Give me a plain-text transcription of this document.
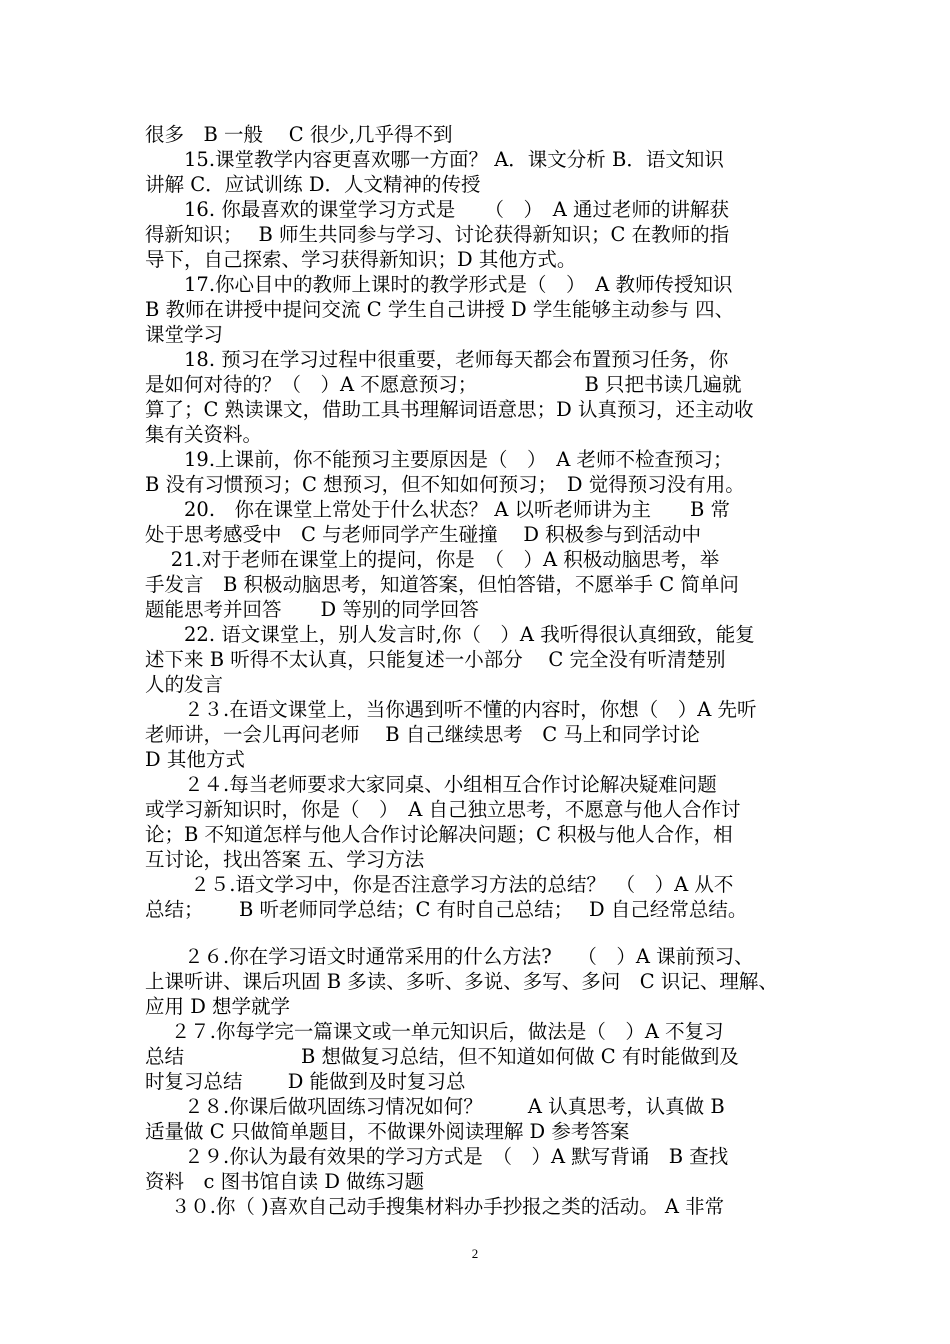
很多　B 一般　 C 很少,几乎得不到

　　15.课堂教学内容更喜欢哪一方面？ A．课文分析 B．语文知识

讲解 C．应试训练 D．人文精神的传授

　　16. 你最喜欢的课堂学习方式是　　（　）　A 通过老师的讲解获

得新知识；　 B 师生共同参与学习、讨论获得新知识；C 在教师的指

导下，自己探索、学习获得新知识；D 其他方式。

　　17.你心目中的教师上课时的教学形式是（　）　A 教师传授知识

B 教师在讲授中提问交流 C 学生自己讲授 D 学生能够主动参与 四、

课堂学习

　　18. 预习在学习过程中很重要，老师每天都会布置预习任务，你

是如何对待的？（　）A 不愿意预习；　　　　　　B 只把书读几遍就

算了；C 熟读课文，借助工具书理解词语意思；D 认真预习，还主动收

集有关资料。

　　19.上课前，你不能预习主要原因是（　）　A 老师不检查预习；

B 没有习惯预习；C 想预习，但不知如何预习；　D 觉得预习没有用。

　　20.　你在课堂上常处于什么状态？ A 以听老师讲为主　　B 常

处于思考感受中　C 与老师同学产生碰撞　 D 积极参与到活动中

　 21.对于老师在课堂上的提问，你是　（　）A 积极动脑思考，举

手发言　B 积极动脑思考，知道答案，但怕答错，不愿举手 C 简单问

题能思考并回答　　D 等别的同学回答

　　22. 语文课堂上，别人发言时,你（　）A 我听得很认真细致，能复

述下来 B 听得不太认真，只能复述一小部分　 C 完全没有听清楚别

人的发言

　　２３.在语文课堂上，当你遇到听不懂的内容时，你想（　）A 先听

老师讲，一会儿再问老师　 B 自己继续思考　C 马上和同学讨论

D 其他方式

　　２４.每当老师要求大家同桌、小组相互合作讨论解决疑难问题

或学习新知识时，你是（　）　A 自己独立思考，不愿意与他人合作讨

论；B 不知道怎样与他人合作讨论解决问题；C 积极与他人合作，相

互讨论，找出答案 五、学习方法

　　 ２５.语文学习中，你是否注意学习方法的总结？　（　）A 从不

总结；　　 B 听老师同学总结；C 有时自己总结；　 D 自己经常总结。

　　２６.你在学习语文时通常采用的什么方法?　 （　）A 课前预习、

上课听讲、课后巩固 B 多读、多听、多说、多写、多问　C 识记、理解、

应用 D 想学就学

　 ２７.你每学完一篇课文或一单元知识后，做法是（　）A 不复习

总结　　　　　　B 想做复习总结，但不知道如何做 C 有时能做到及

时复习总结　　 D 能做到及时复习总

　　２８.你课后做巩固练习情况如何？　　 A 认真思考，认真做 B

适量做 C 只做简单题目，不做课外阅读理解 D 参考答案

　　２９.你认为最有效果的学习方式是　（　）A 默写背诵　B 查找

资料　c 图书馆自读 D 做练习题

　 ３０.你（ )喜欢自己动手搜集材料办手抄报之类的活动。 A 非常

2
